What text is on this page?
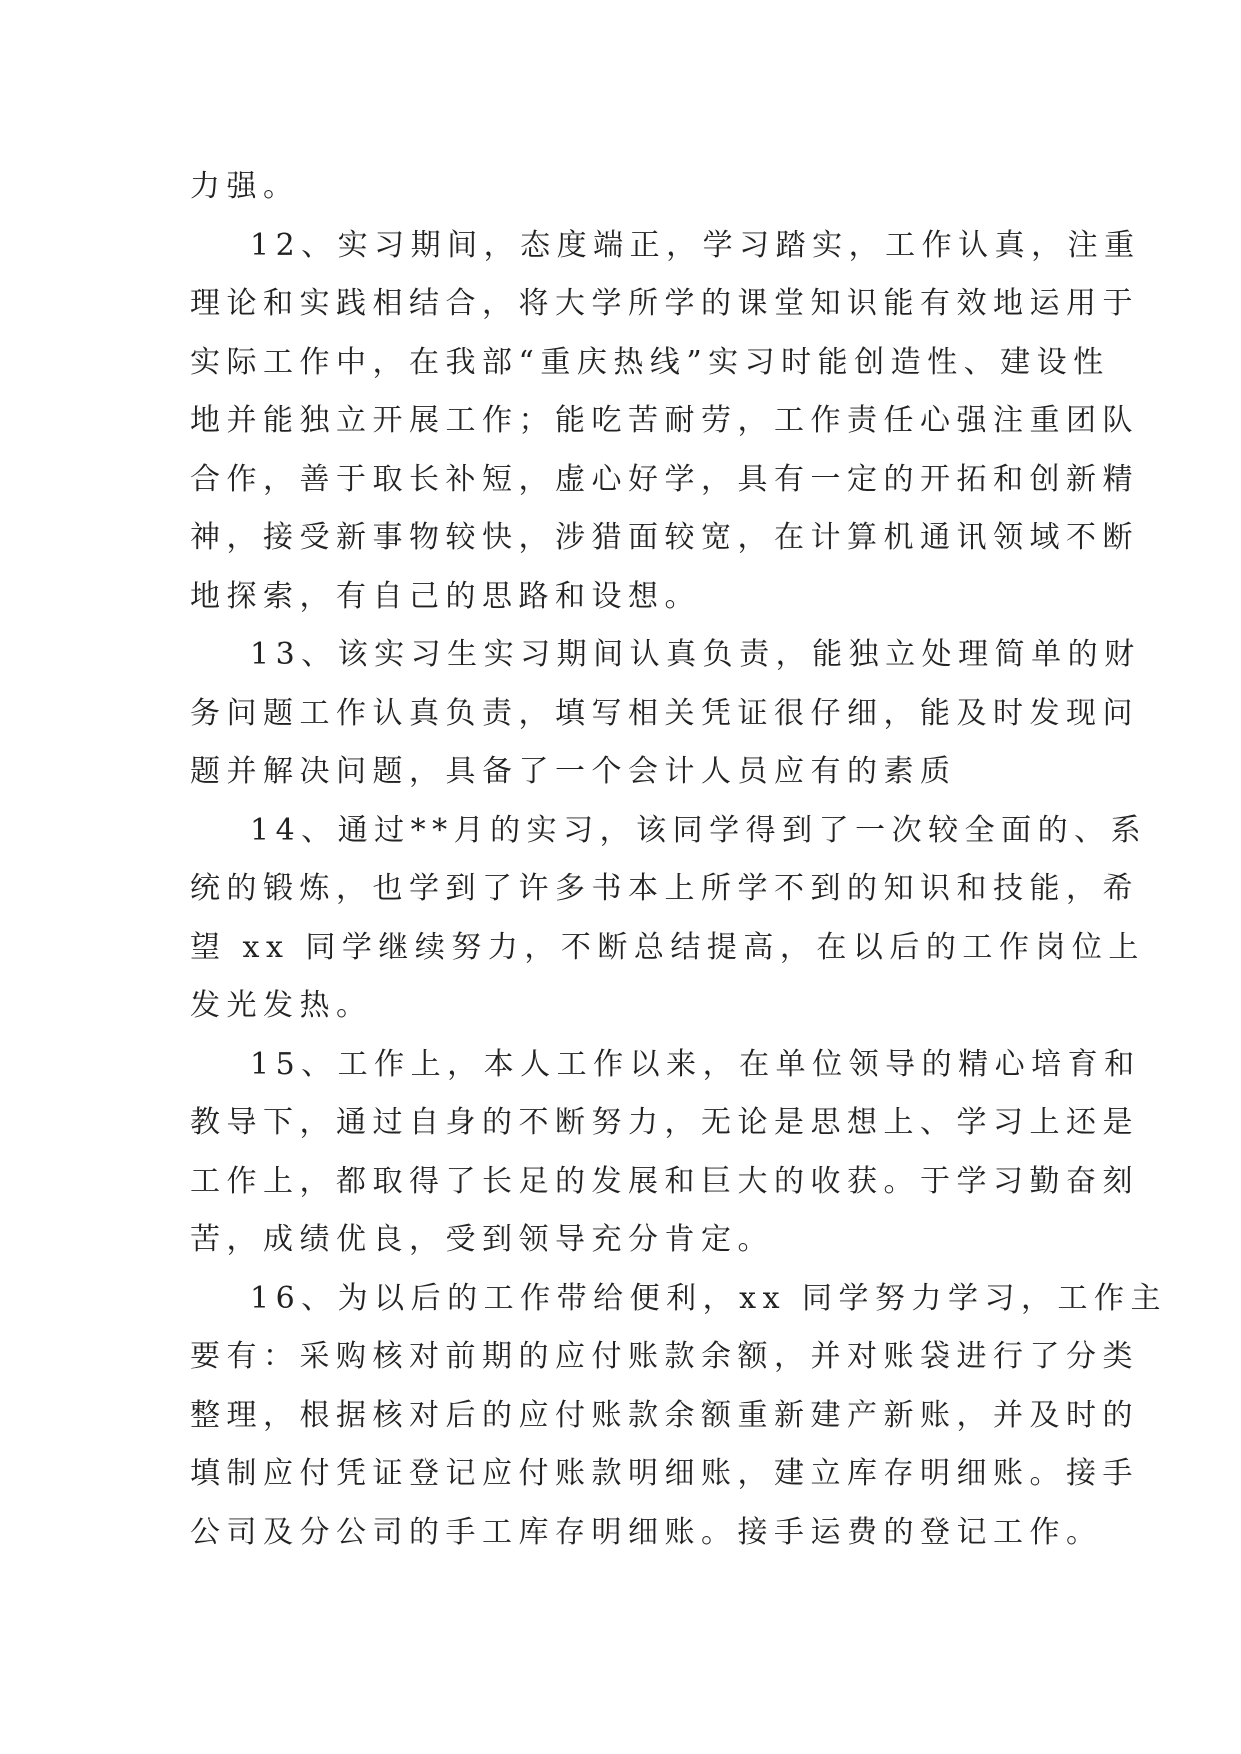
力强。

12、实习期间，态度端正，学习踏实，工作认真，注重
理论和实践相结合，将大学所学的课堂知识能有效地运用于
实际工作中，在我部“重庆热线”实习时能创造性、建设性
地并能独立开展工作；能吃苦耐劳，工作责任心强注重团队
合作，善于取长补短，虚心好学，具有一定的开拓和创新精
神，接受新事物较快，涉猎面较宽，在计算机通讯领域不断
地探索，有自己的思路和设想。

13、该实习生实习期间认真负责，能独立处理简单的财
务问题工作认真负责，填写相关凭证很仔细，能及时发现问
题并解决问题，具备了一个会计人员应有的素质

14、通过**月的实习，该同学得到了一次较全面的、系
统的锻炼，也学到了许多书本上所学不到的知识和技能，希
望 xx 同学继续努力，不断总结提高，在以后的工作岗位上
发光发热。

15、工作上，本人工作以来，在单位领导的精心培育和
教导下，通过自身的不断努力，无论是思想上、学习上还是
工作上，都取得了长足的发展和巨大的收获。于学习勤奋刻
苦，成绩优良，受到领导充分肯定。

16、为以后的工作带给便利，xx 同学努力学习，工作主
要有：采购核对前期的应付账款余额，并对账袋进行了分类
整理，根据核对后的应付账款余额重新建产新账，并及时的
填制应付凭证登记应付账款明细账，建立库存明细账。接手
公司及分公司的手工库存明细账。接手运费的登记工作。
